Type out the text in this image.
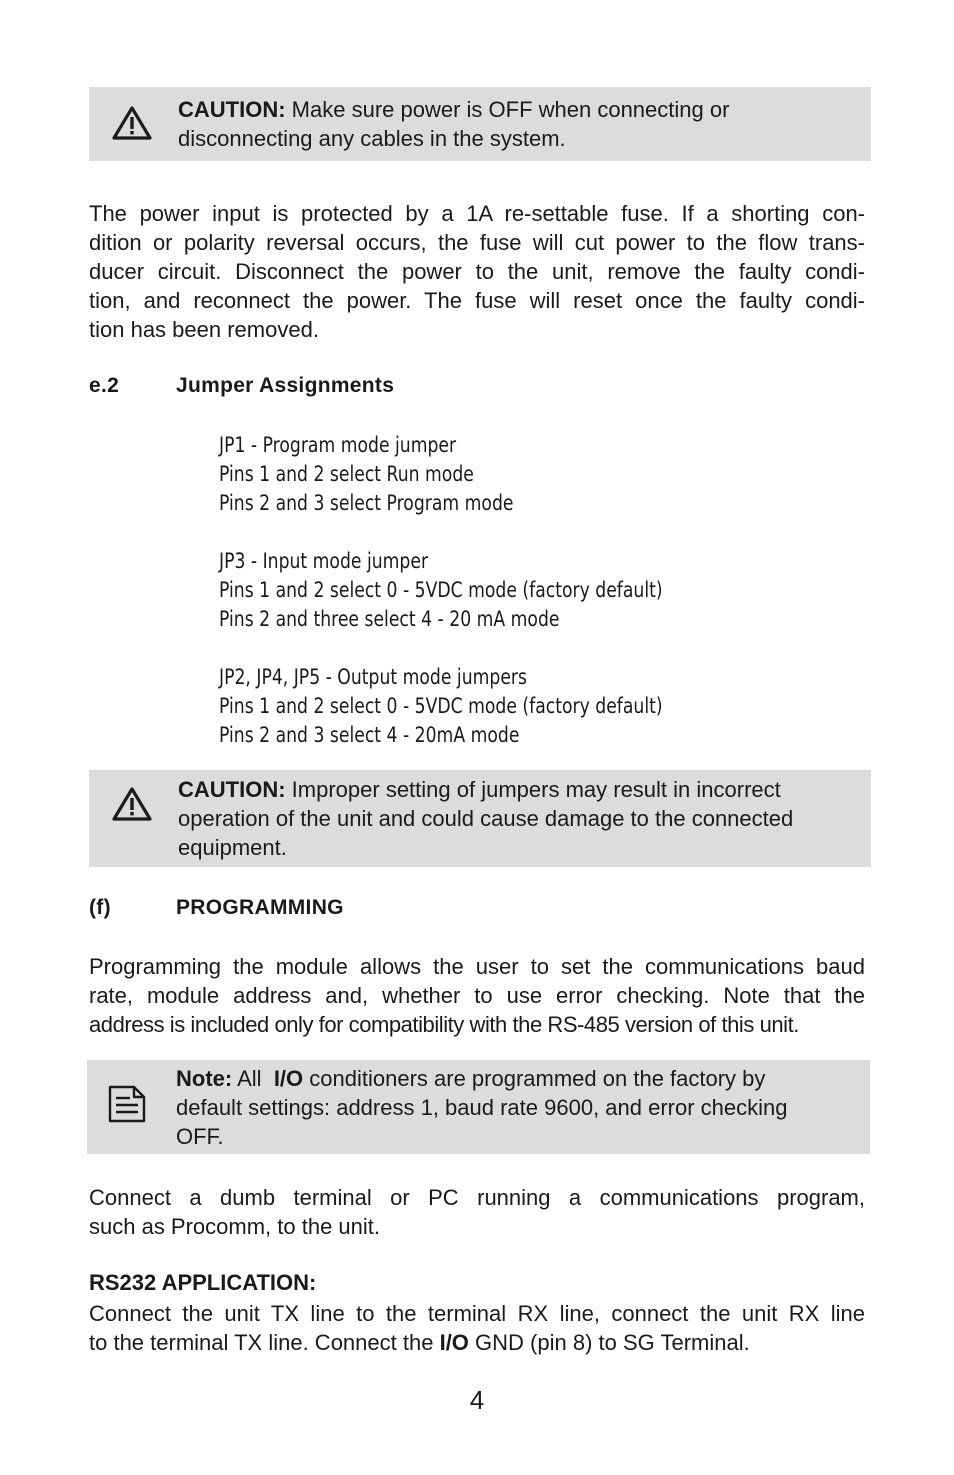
CAUTION: Make sure power is OFF when connecting or
disconnecting any cables in the system.
The power input is protected by a 1A re-settable fuse. If a shorting con-
dition or polarity reversal occurs, the fuse will cut power to the flow trans-
ducer circuit. Disconnect the power to the unit, remove the faulty condi-
tion, and reconnect the power. The fuse will reset once the faulty condi-
tion has been removed.
e.2	Jumper Assignments
JP1 - Program mode jumper
Pins 1 and 2 select Run mode
Pins 2 and 3 select Program mode
JP3 - Input mode jumper
Pins 1 and 2 select 0 - 5VDC mode (factory default)
Pins 2 and three select 4 - 20 mA mode
JP2, JP4, JP5 - Output mode jumpers
Pins 1 and 2 select 0 - 5VDC mode (factory default)
Pins 2 and 3 select 4 - 20mA mode
CAUTION: Improper setting of jumpers may result in incorrect
operation of the unit and could cause damage to the connected
equipment.
(f)	PROGRAMMING
Programming the module allows the user to set the communications baud
rate, module address and, whether to use error checking. Note that the
address is included only for compatibility with the RS-485 version of this unit.
Note: All I/O conditioners are programmed on the factory by
default settings: address 1, baud rate 9600, and error checking
OFF.
Connect a dumb terminal or PC running a communications program,
such as Procomm, to the unit.
RS232 APPLICATION:
Connect the unit TX line to the terminal RX line, connect the unit RX line
to the terminal TX line. Connect the I/O GND (pin 8) to SG Terminal.
4
